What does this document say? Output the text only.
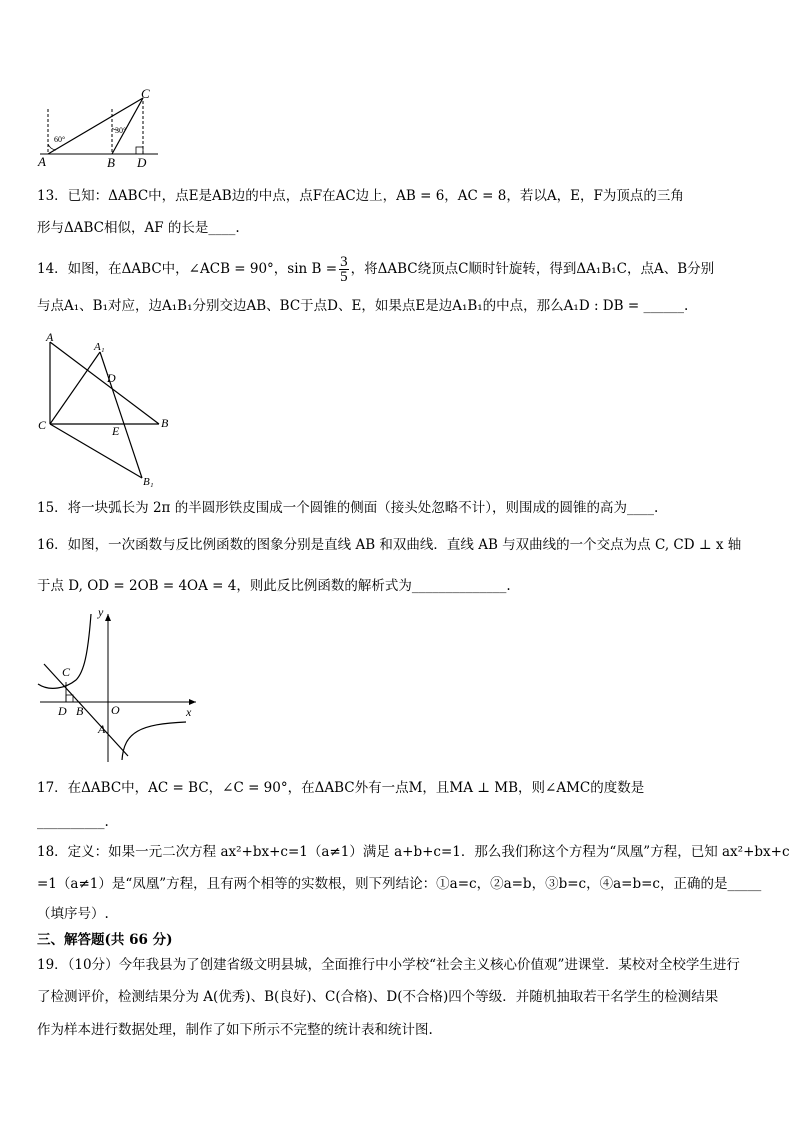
60°
30°
A	B
C
D
13．已知：ΔABC中，点E是AB边的中点，点F在AC边上，AB = 6，AC = 8，若以A，E，F为顶点的三角
形与ΔABC相似，AF 的长是____.
14．如图，在ΔABC中，∠ACB = 90°，$\sin B = \frac{3}{5}$ ，将ΔABC绕顶点C顺时针旋转，得到ΔA₁B₁C，点A、B分别
与点A₁、B₁对应，边A₁B₁分别交边AB、BC于点D、E，如果点E是边A₁B₁的中点，那么A₁D : DB = ______.
A
A₁
D
C	E
B
B₁
15．将一块弧长为 2π 的半圆形铁皮围成一个圆锥的侧面（接头处忽略不计），则围成的圆锥的高为____.
16．如图，一次函数与反比例函数的图象分别是直线 AB 和双曲线．直线 AB 与双曲线的一个交点为点 C, CD ⊥ x 轴
于点 D, OD = 2OB = 4OA = 4，则此反比例函数的解析式为______________.
y
x
C
D B O
A
17．在ΔABC中，AC = BC，∠C = 90°，在ΔABC外有一点M，且MA ⊥ MB，则∠AMC的度数是
__________.
18．定义：如果一元二次方程 ax²+bx+c=1（a≠1）满足 a+b+c=1．那么我们称这个方程为“凤凰”方程，已知 ax²+bx+c
=1（a≠1）是“凤凰”方程，且有两个相等的实数根，则下列结论：①a=c，②a=b，③b=c，④a=b=c，正确的是_____
（填序号）.
三、解答题(共 66 分)
19．（10分）今年我县为了创建省级文明县城，全面推行中小学校“社会主义核心价值观”进课堂．某校对全校学生进行
了检测评价，检测结果分为 A(优秀)、B(良好)、C(合格)、D(不合格)四个等级．并随机抽取若干名学生的检测结果
作为样本进行数据处理，制作了如下所示不完整的统计表和统计图.
